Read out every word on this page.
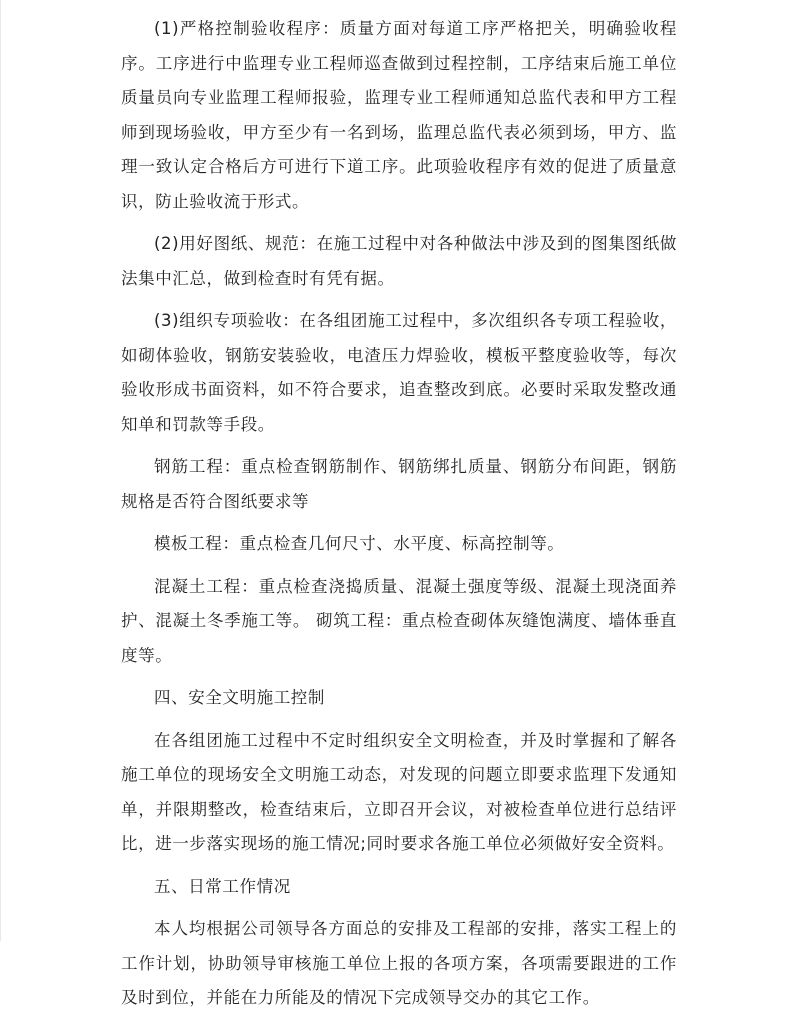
(1)严格控制验收程序：质量方面对每道工序严格把关，明确验收程序。工序进行中监理专业工程师巡查做到过程控制，工序结束后施工单位质量员向专业监理工程师报验，监理专业工程师通知总监代表和甲方工程师到现场验收，甲方至少有一名到场，监理总监代表必须到场，甲方、监理一致认定合格后方可进行下道工序。此项验收程序有效的促进了质量意识，防止验收流于形式。

(2)用好图纸、规范：在施工过程中对各种做法中涉及到的图集图纸做法集中汇总，做到检查时有凭有据。

(3)组织专项验收：在各组团施工过程中，多次组织各专项工程验收，如砌体验收，钢筋安装验收，电渣压力焊验收，模板平整度验收等，每次验收形成书面资料，如不符合要求，追查整改到底。必要时采取发整改通知单和罚款等手段。

钢筋工程：重点检查钢筋制作、钢筋绑扎质量、钢筋分布间距，钢筋规格是否符合图纸要求等

模板工程：重点检查几何尺寸、水平度、标高控制等。

混凝土工程：重点检查浇捣质量、混凝土强度等级、混凝土现浇面养护、混凝土冬季施工等。 砌筑工程：重点检查砌体灰缝饱满度、墙体垂直度等。

四、安全文明施工控制

在各组团施工过程中不定时组织安全文明检查，并及时掌握和了解各施工单位的现场安全文明施工动态，对发现的问题立即要求监理下发通知单，并限期整改，检查结束后，立即召开会议，对被检查单位进行总结评比，进一步落实现场的施工情况;同时要求各施工单位必须做好安全资料。

五、日常工作情况

本人均根据公司领导各方面总的安排及工程部的安排，落实工程上的工作计划，协助领导审核施工单位上报的各项方案，各项需要跟进的工作及时到位，并能在力所能及的情况下完成领导交办的其它工作。
